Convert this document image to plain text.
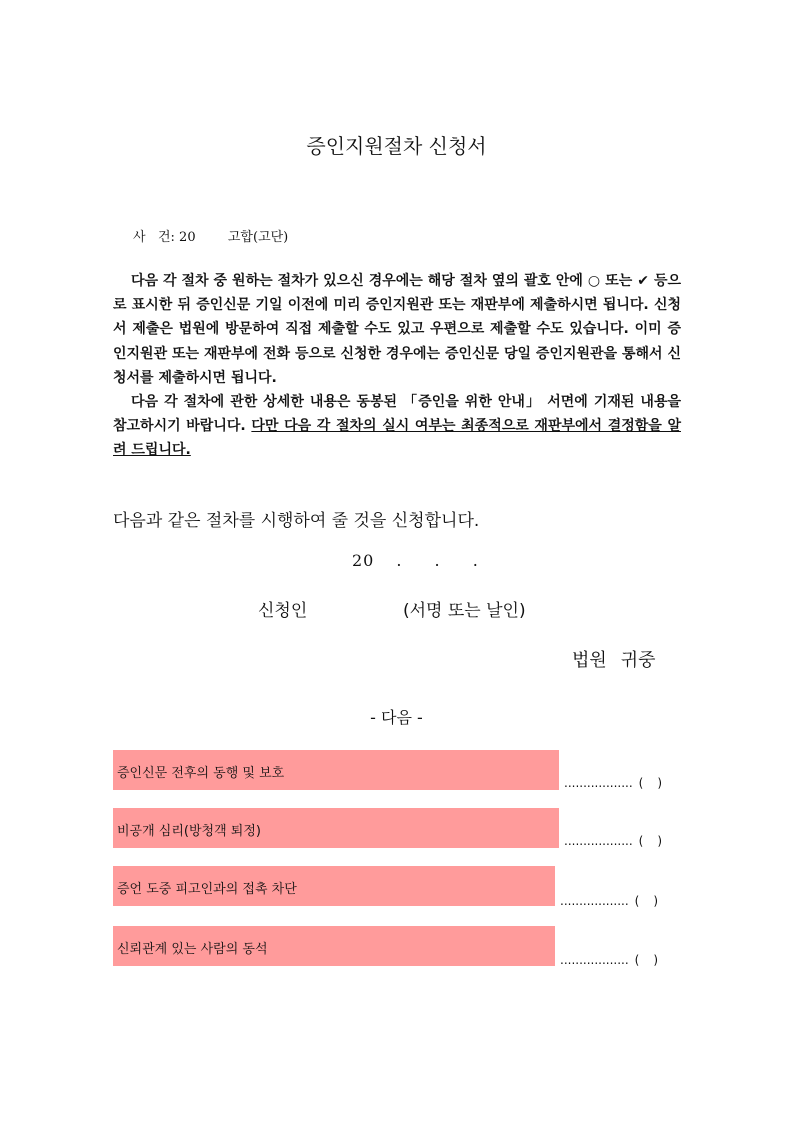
증인지원절차 신청서
사   건: 20 고합(고단)

다음 각 절차 중 원하는 절차가 있으신 경우에는 해당 절차 옆의 괄호 안에 ○ 또는 ✔ 등으로 표시한 뒤 증인신문 기일 이전에 미리 증인지원관 또는 재판부에 제출하시면 됩니다. 신청서 제출은 법원에 방문하여 직접 제출할 수도 있고 우편으로 제출할 수도 있습니다. 이미 증인지원관 또는 재판부에 전화 등으로 신청한 경우에는 증인신문 당일 증인지원관을 통해서 신청서를 제출하시면 됩니다.

다음 각 절차에 관한 상세한 내용은 동봉된 「증인을 위한 안내」 서면에 기재된 내용을 참고하시기 바랍니다. 다만 다음 각 절차의 실시 여부는 최종적으로 재판부에서 결정함을 알려 드립니다.

다음과 같은 절차를 시행하여 줄 것을 신청합니다.
20 . . .
신청인	(서명 또는 날인)
법원 귀중
- 다음 -
증인신문 전후의 동행 및 보호
.................. ( )
비공개 심리(방청객 퇴정)
.................. ( )
증언 도중 피고인과의 접촉 차단
.................. ( )
신뢰관계 있는 사람의 동석
.................. ( )
